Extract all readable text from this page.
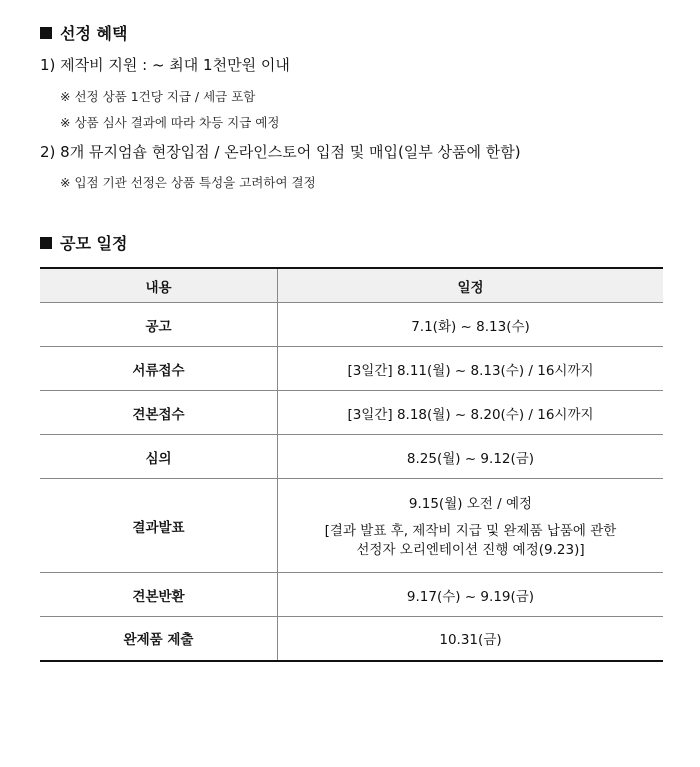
선정 혜택
1) 제작비 지원 : ~ 최대 1천만원 이내
※ 선정 상품 1건당 지급 / 세금 포함
※ 상품 심사 결과에 따라 차등 지급 예정
2) 8개 뮤지엄숍 현장입점 / 온라인스토어 입점 및 매입(일부 상품에 한함)
※ 입점 기관 선정은 상품 특성을 고려하여 결정
공모 일정
내용	일정
공고	7.1(화) ~ 8.13(수)
서류접수	[3일간] 8.11(월) ~ 8.13(수) / 16시까지
견본접수	[3일간] 8.18(월) ~ 8.20(수) / 16시까지
심의	8.25(월) ~ 9.12(금)
결과발표	9.15(월) 오전 / 예정
[결과 발표 후, 제작비 지급 및 완제품 납품에 관한
선정자 오리엔테이션 진행 예정(9.23)]

견본반환	9.17(수) ~ 9.19(금)
완제품 제출	10.31(금)
